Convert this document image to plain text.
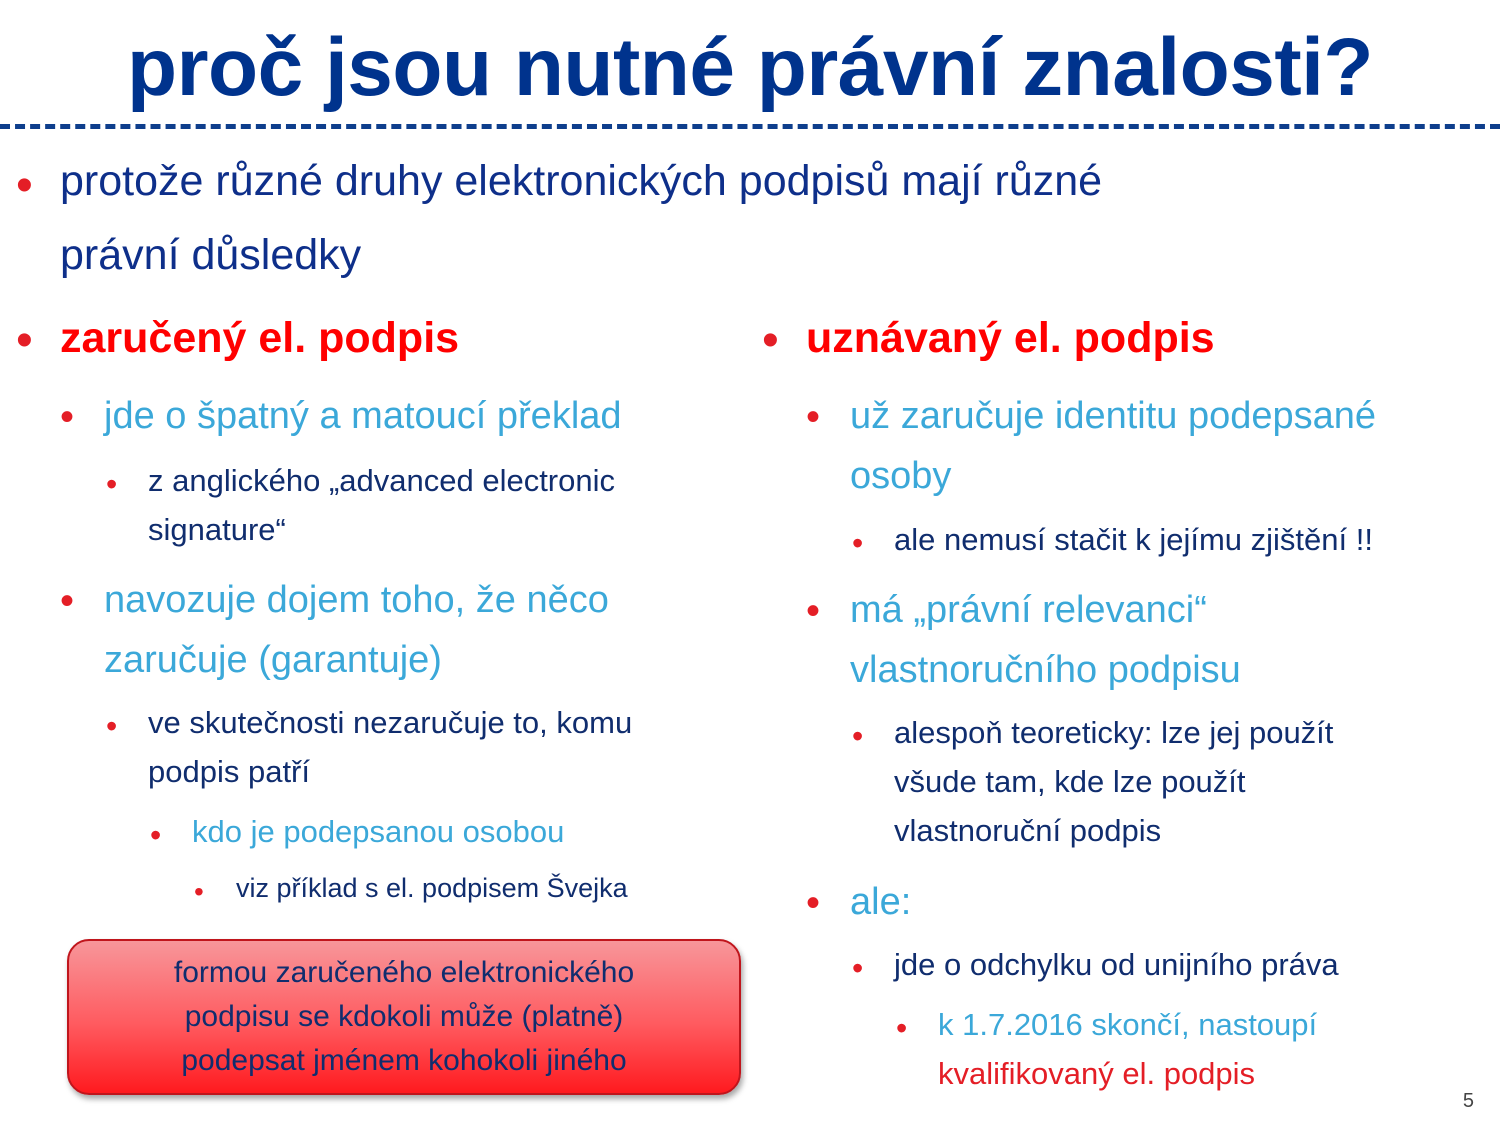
proč jsou nutné právní znalosti?
• protože různé druhy elektronických podpisů mají různé
právní důsledky
• zaručený el. podpis
• jde o špatný a matoucí překlad
• z anglického „advanced electronic
signature“
• navozuje dojem toho, že něco
zaručuje (garantuje)
• ve skutečnosti nezaručuje to, komu
podpis patří
• kdo je podepsanou osobou
• viz příklad s el. podpisem Švejka
formou zaručeného elektronického
podpisu se kdokoli může (platně)
podepsat jménem kohokoli jiného
• uznávaný el. podpis
• už zaručuje identitu podepsané
osoby
• ale nemusí stačit k jejímu zjištění !!
• má „právní relevanci“
vlastnoručního podpisu
• alespoň teoreticky: lze jej použít
všude tam, kde lze použít
vlastnoruční podpis
• ale:
• jde o odchylku od unijního práva
• k 1.7.2016 skončí, nastoupí
kvalifikovaný el. podpis
5
